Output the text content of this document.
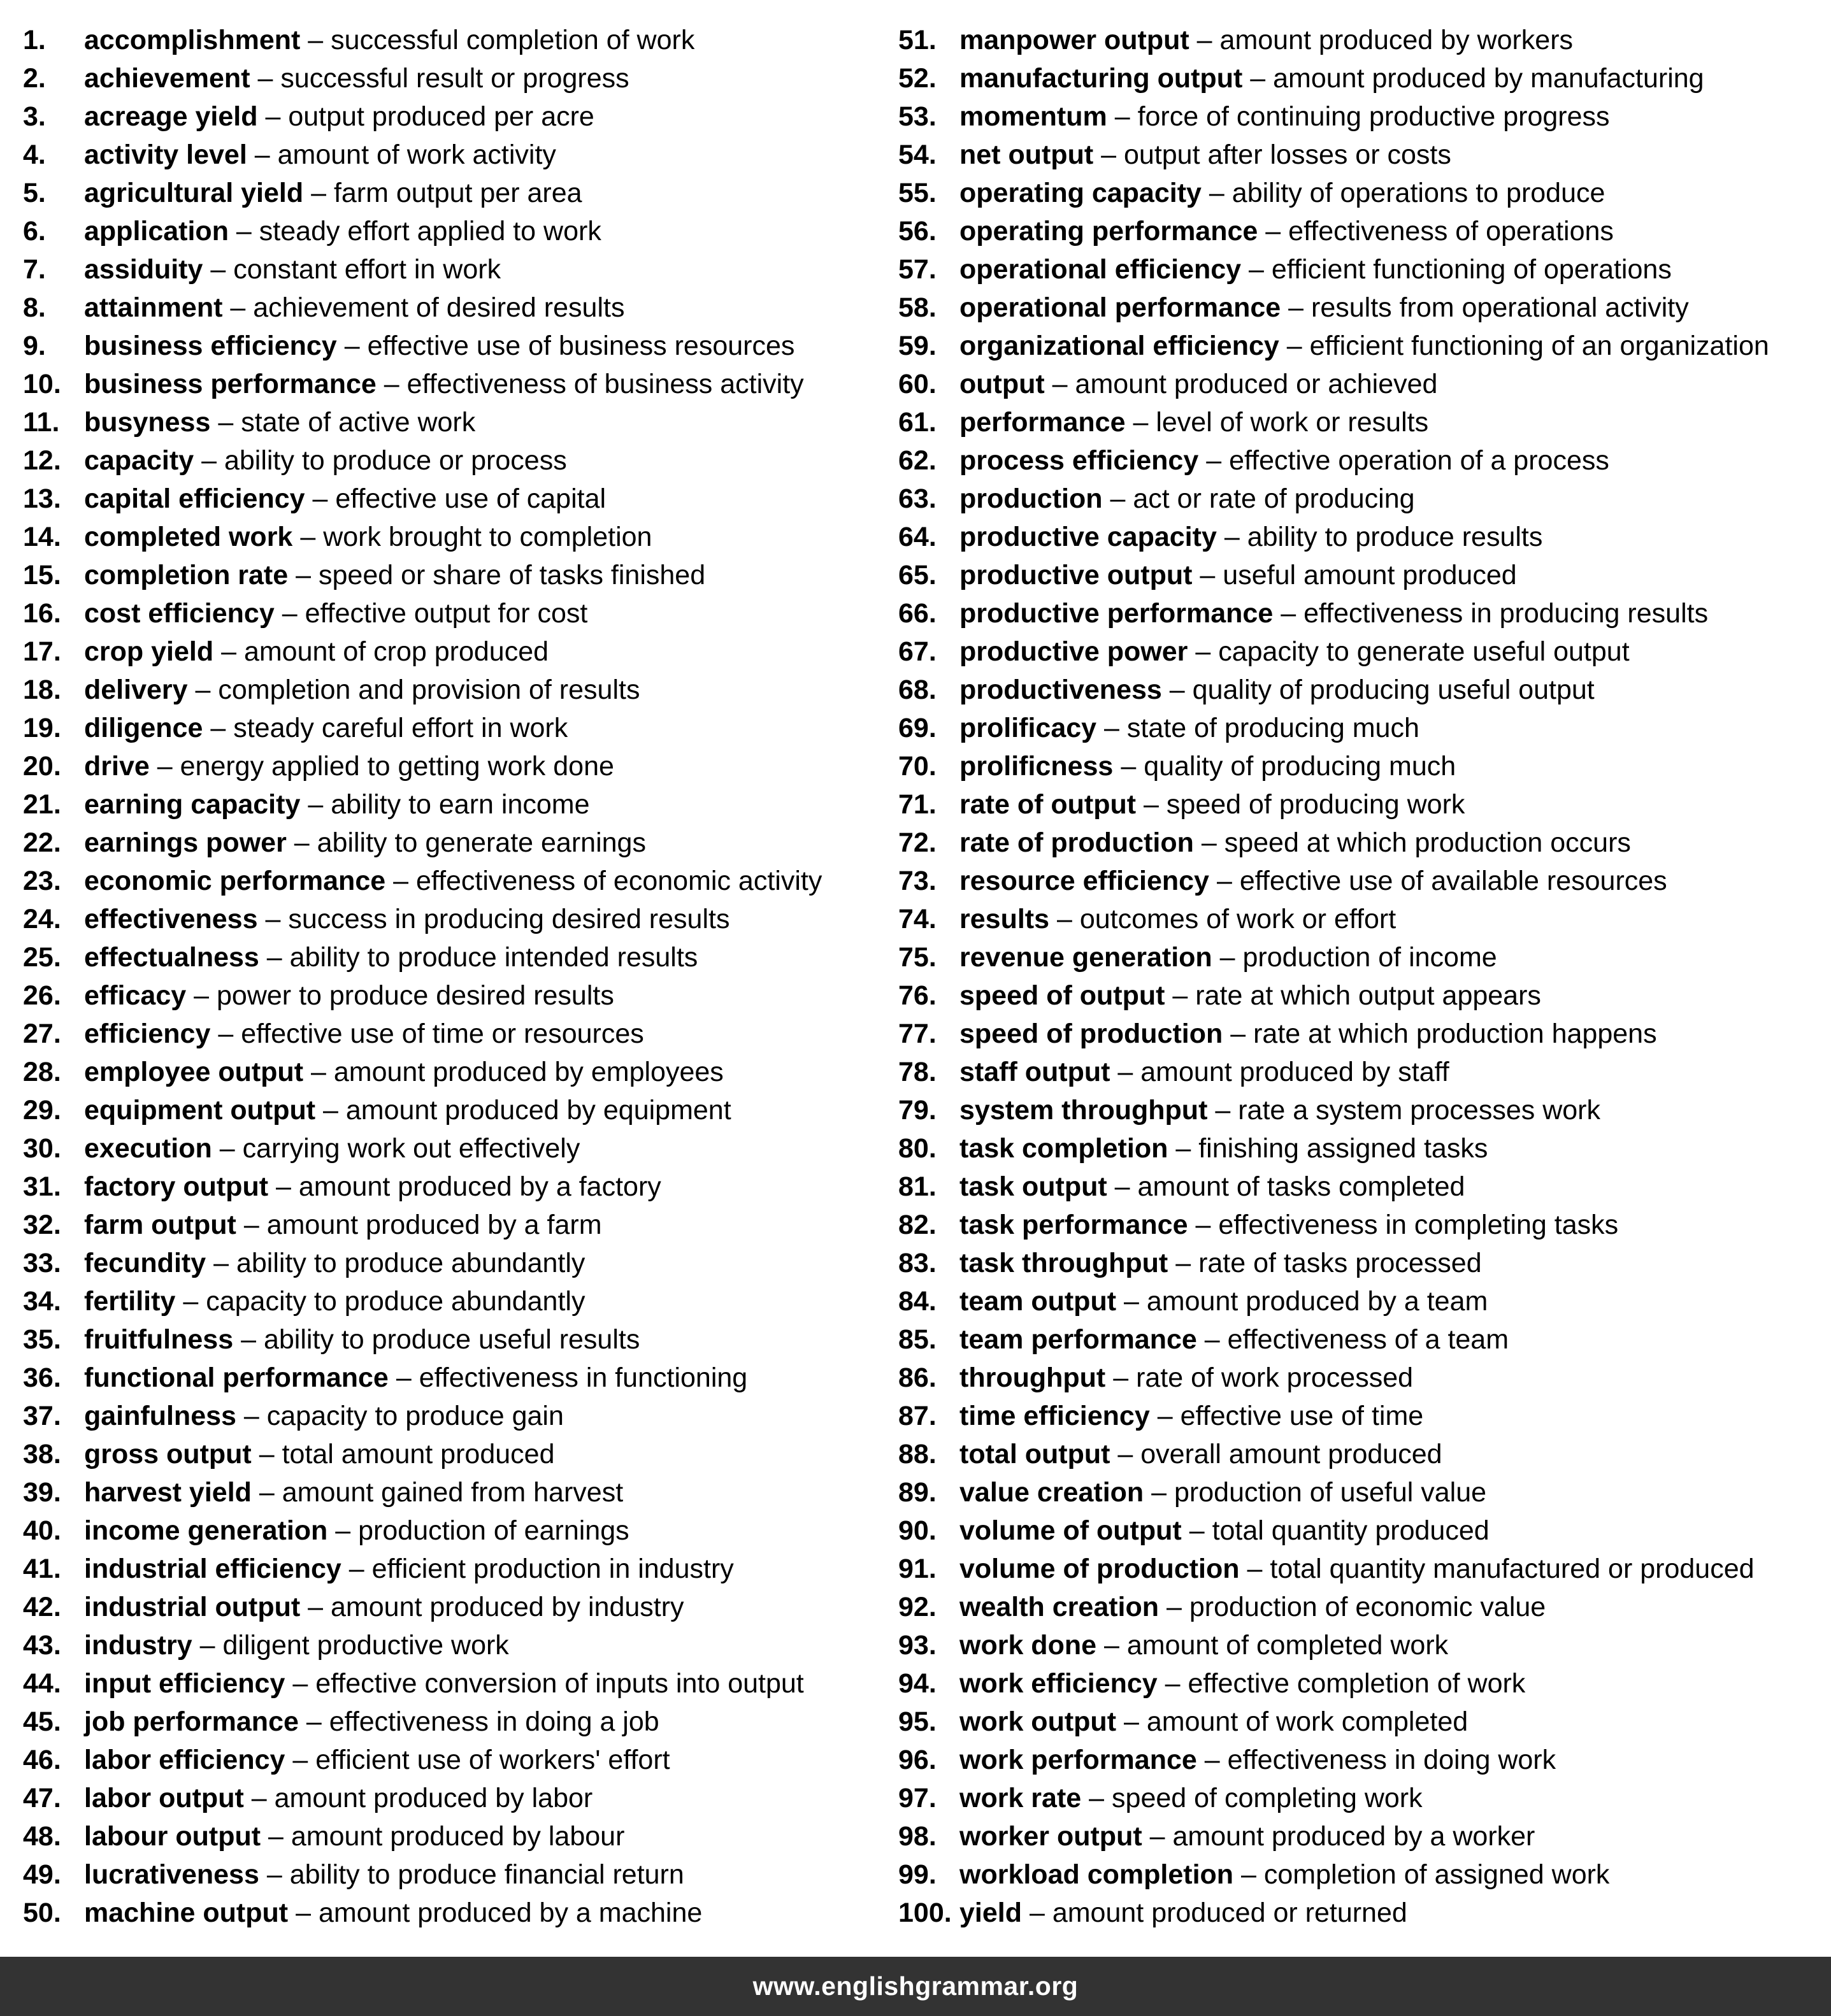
1. accomplishment – successful completion of work
2. achievement – successful result or progress
3. acreage yield – output produced per acre
4. activity level – amount of work activity
5. agricultural yield – farm output per area
6. application – steady effort applied to work
7. assiduity – constant effort in work
8. attainment – achievement of desired results
9. business efficiency – effective use of business resources
10. business performance – effectiveness of business activity
11. busyness – state of active work
12. capacity – ability to produce or process
13. capital efficiency – effective use of capital
14. completed work – work brought to completion
15. completion rate – speed or share of tasks finished
16. cost efficiency – effective output for cost
17. crop yield – amount of crop produced
18. delivery – completion and provision of results
19. diligence – steady careful effort in work
20. drive – energy applied to getting work done
21. earning capacity – ability to earn income
22. earnings power – ability to generate earnings
23. economic performance – effectiveness of economic activity
24. effectiveness – success in producing desired results
25. effectualness – ability to produce intended results
26. efficacy – power to produce desired results
27. efficiency – effective use of time or resources
28. employee output – amount produced by employees
29. equipment output – amount produced by equipment
30. execution – carrying work out effectively
31. factory output – amount produced by a factory
32. farm output – amount produced by a farm
33. fecundity – ability to produce abundantly
34. fertility – capacity to produce abundantly
35. fruitfulness – ability to produce useful results
36. functional performance – effectiveness in functioning
37. gainfulness – capacity to produce gain
38. gross output – total amount produced
39. harvest yield – amount gained from harvest
40. income generation – production of earnings
41. industrial efficiency – efficient production in industry
42. industrial output – amount produced by industry
43. industry – diligent productive work
44. input efficiency – effective conversion of inputs into output
45. job performance – effectiveness in doing a job
46. labor efficiency – efficient use of workers' effort
47. labor output – amount produced by labor
48. labour output – amount produced by labour
49. lucrativeness – ability to produce financial return
50. machine output – amount produced by a machine
51. manpower output – amount produced by workers
52. manufacturing output – amount produced by manufacturing
53. momentum – force of continuing productive progress
54. net output – output after losses or costs
55. operating capacity – ability of operations to produce
56. operating performance – effectiveness of operations
57. operational efficiency – efficient functioning of operations
58. operational performance – results from operational activity
59. organizational efficiency – efficient functioning of an organization
60. output – amount produced or achieved
61. performance – level of work or results
62. process efficiency – effective operation of a process
63. production – act or rate of producing
64. productive capacity – ability to produce results
65. productive output – useful amount produced
66. productive performance – effectiveness in producing results
67. productive power – capacity to generate useful output
68. productiveness – quality of producing useful output
69. prolificacy – state of producing much
70. prolificness – quality of producing much
71. rate of output – speed of producing work
72. rate of production – speed at which production occurs
73. resource efficiency – effective use of available resources
74. results – outcomes of work or effort
75. revenue generation – production of income
76. speed of output – rate at which output appears
77. speed of production – rate at which production happens
78. staff output – amount produced by staff
79. system throughput – rate a system processes work
80. task completion – finishing assigned tasks
81. task output – amount of tasks completed
82. task performance – effectiveness in completing tasks
83. task throughput – rate of tasks processed
84. team output – amount produced by a team
85. team performance – effectiveness of a team
86. throughput – rate of work processed
87. time efficiency – effective use of time
88. total output – overall amount produced
89. value creation – production of useful value
90. volume of output – total quantity produced
91. volume of production – total quantity manufactured or produced
92. wealth creation – production of economic value
93. work done – amount of completed work
94. work efficiency – effective completion of work
95. work output – amount of work completed
96. work performance – effectiveness in doing work
97. work rate – speed of completing work
98. worker output – amount produced by a worker
99. workload completion – completion of assigned work
100. yield – amount produced or returned
www.englishgrammar.org
